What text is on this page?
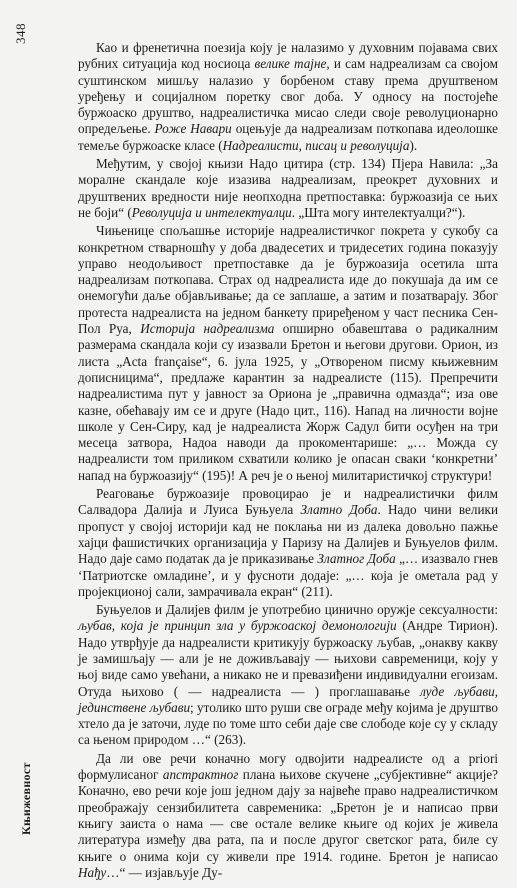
348
Књижевност

Као и френетична поезија коју је налазимо у духовним појавама свих рубних ситуација код носиоца велике тајне, и сам надреализам са својом суштинском мишљу налазио у борбеном ставу према друштвеном уређењу и социјалном поретку свог доба. У односу на постојеће буржоаско друштво, надреалистичка мисао следи своје револуционарно опредељење. Роже Навари оцењује да надреализам поткопава идеолошке темеље буржоаске класе (Надреалисти, писац и револуција).

Међутим, у својој књизи Надо цитира (стр. 134) Пјера Навила: „За моралне скандале које изазива надреализам, преокрет духовних и друштвених вредности није неопходна претпоставка: буржоазија се њих не боји“ (Револуција и интелектуалци. „Шта могу интелектуалци?“).

Чињенице спољашње историје надреалистичког покрета у сукобу са конкретном стварношћу у доба двадесетих и тридесетих година показују управо неодољивост претпоставке да је буржоазија осетила шта надреализам поткопава. Страх од надреалиста иде до покушаја да им се онемогући даље објављивање; да се заплаше, а затим и позатварају. Због протеста надреалиста на једном банкету приређеном у част песника Сен-Пол Руа, Историја надреализма опширно обавештава о радикалним размерама скандала који су изазвали Бретон и његови другови. Орион, из листа „Acta française“, 6. јула 1925, у „Отвореном писму књижевним дописницима“, предлаже карантин за надреалисте (115). Препречити надреалистима пут у јавност за Ориона је „правична одмазда“; иза ове казне, обећавају им се и друге (Надо цит., 116). Напад на личности војне школе у Сен-Сиру, кад је надреалиста Жорж Садул бити осуђен на три месеца затвора, Надоа наводи да прокоментарише: „… Можда су надреалисти том приликом схватили колико је опасан сваки ‘конкретни’ напад на буржоазију“ (195)! А реч је о њеној милитаристичкој структури!

Реаговање буржоазије провоцирао је и надреалистички филм Салвадора Далија и Луиса Буњуела Златно Доба. Надо чини велики пропуст у својој историји кад не поклања ни из далека довољно пажње хајци фашистичких организација у Паризу на Далијев и Буњуелов филм. Надо даје само податак да је приказивање Златног Доба „… изазвало гнев ‘Патриотске омладине’, и у фусноти додаје: „… која је ометала рад у пројекционој сали, замрачивала екран“ (211).

Буњуелов и Далијев филм је употребио цинично оружје сексуалности: љубав, која је принцип зла у буржоаској демонологији (Андре Тирион). Надо утврђује да надреалисти критикују буржоаску љубав, „онакву какву је замишљају — али је не доживљавају — њихови савременици, коју у њој виде само увећани, а никако не и превазиђени индивидуални егоизам. Отуда њихово ( — надреалиста — ) проглашавање луде љубави, јединствене љубави; утолико што руши све ограде међу којима је друштво хтело да је заточи, луде по томе што себи даје све слободе које су у складу са њеном природом …“ (263).

Да ли ове речи коначно могу одвојити надреалисте од а priori формулисаног апстрактног плана њихове скучене „субјективне“ акције? Коначно, ево речи које још једном дају за највеће право надреалистичком преображају сензибилитета савременика: „Бретон је и написао први књигу заиста о нама — све остале велике књиге од којих је живела литература између два рата, па и после другог светског рата, биле су књиге о онима који су живели пре 1914. године. Бретон је написао Нађу…“ — изјављује Ду-
